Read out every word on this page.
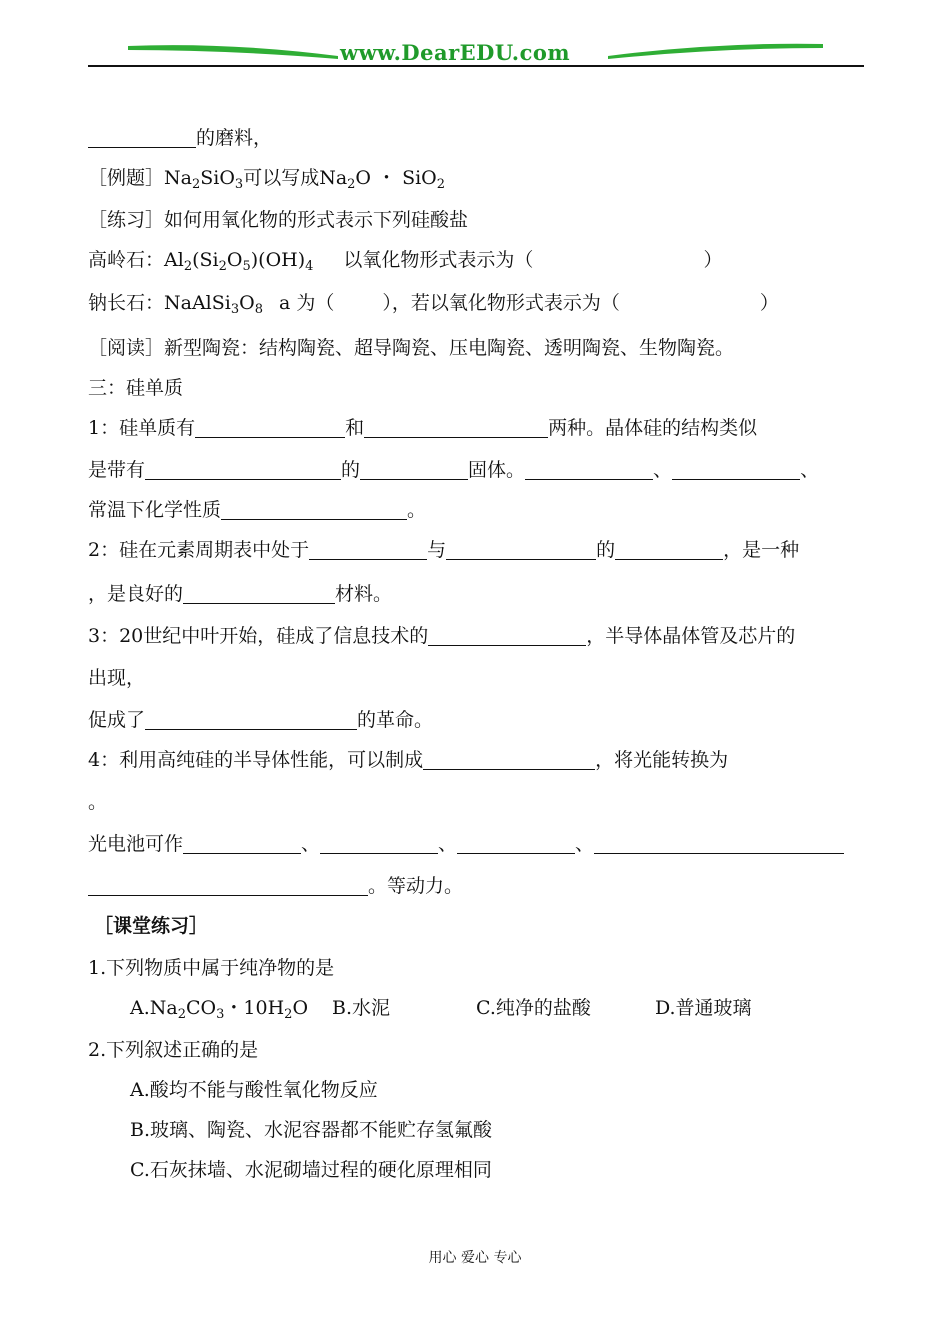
www.DearEDU.com
的磨料，
［例题$]Na_2SiO_3$可以写成$Na_2O$ ・ SiO$_2$
［练习］如何用氧化物的形式表示下列硅酸盐
高岭石：$Al_2(Si_2O_5)(OH)_4$ 以氧化物形式表示为（	）
钠长石：$NaAlSi_3O_8$ a 为（	），若以氧化物形式表示为（	）
［阅读］新型陶瓷：结构陶瓷、超导陶瓷、压电陶瓷、透明陶瓷、生物陶瓷。
三：硅单质
1：硅单质有	和	两种。晶体硅的结构类似
是带有	的	固体。	、	、
常温下化学性质	。
2：硅在元素周期表中处于	与	的	，是一种
，是良好的	材料。
3：20世纪中叶开始，硅成了信息技术的	，半导体晶体管及芯片的
出现，
促成了	的革命。
4：利用高纯硅的半导体性能，可以制成	，将光能转换为
。
光电池可作	、	、	、
。等动力。
［课堂练习］
1.下列物质中属于纯净物的是
$A.Na_2CO_3$・$10H_2O$ B.水泥	C.纯净的盐酸	D.普通玻璃
2.下列叙述正确的是
A.酸均不能与酸性氧化物反应
B.玻璃、陶瓷、水泥容器都不能贮存氢氟酸
C.石灰抹墙、水泥砌墙过程的硬化原理相同
用心 爱心 专心
